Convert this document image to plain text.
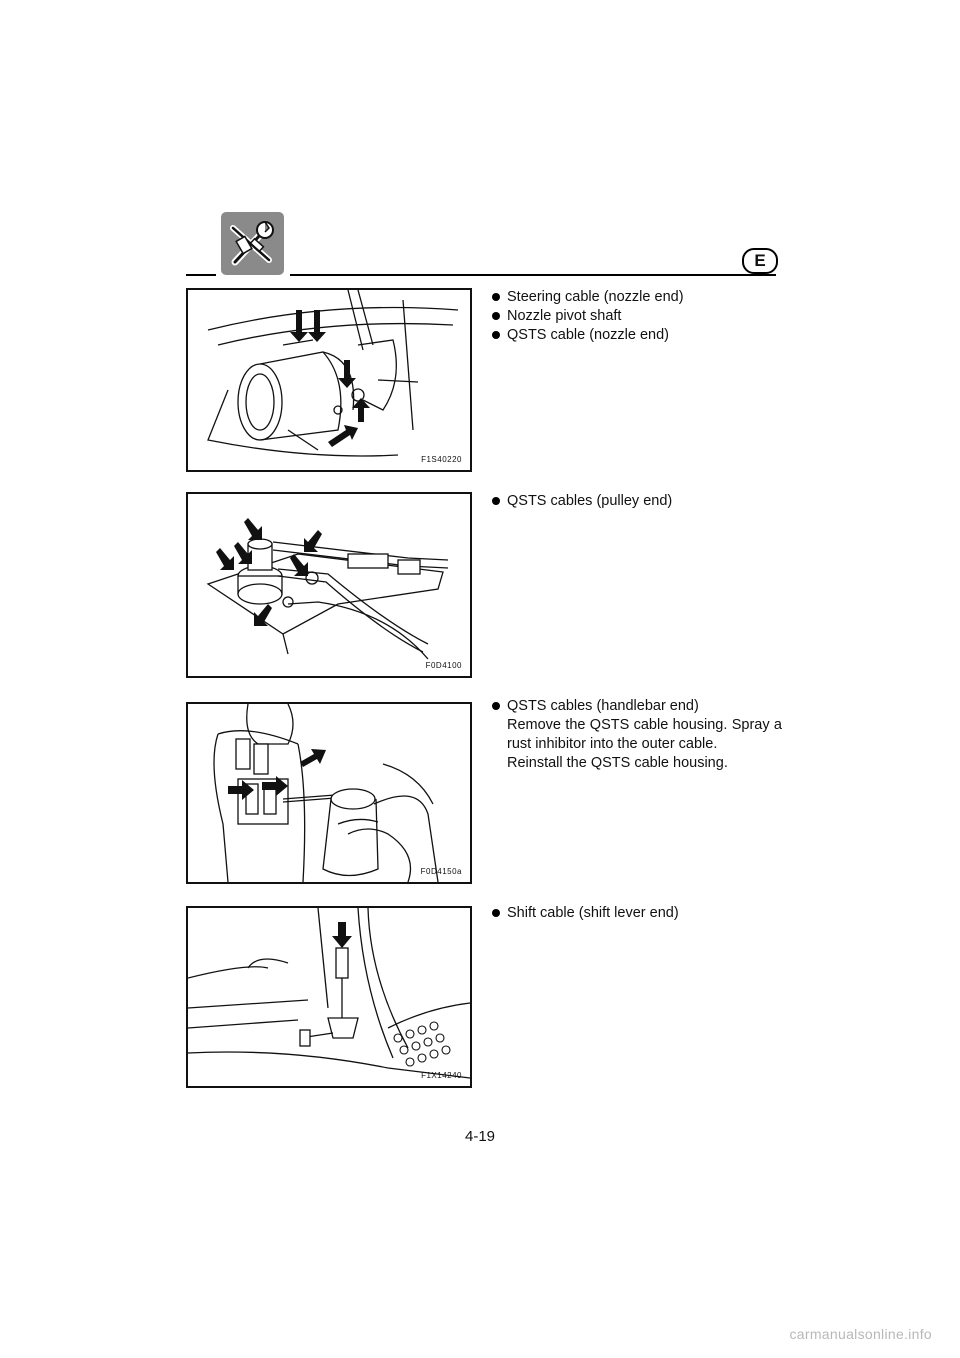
E
F1S40220
Steering cable (nozzle end)
Nozzle pivot shaft
QSTS cable (nozzle end)
F0D4100
QSTS cables (pulley end)
F0D4150a
QSTS cables (handlebar end)
Remove the QSTS cable housing. Spray a rust inhibitor into the outer cable.
Reinstall the QSTS cable housing.
F1X14240
Shift cable (shift lever end)
4-19
carmanualsonline.info
